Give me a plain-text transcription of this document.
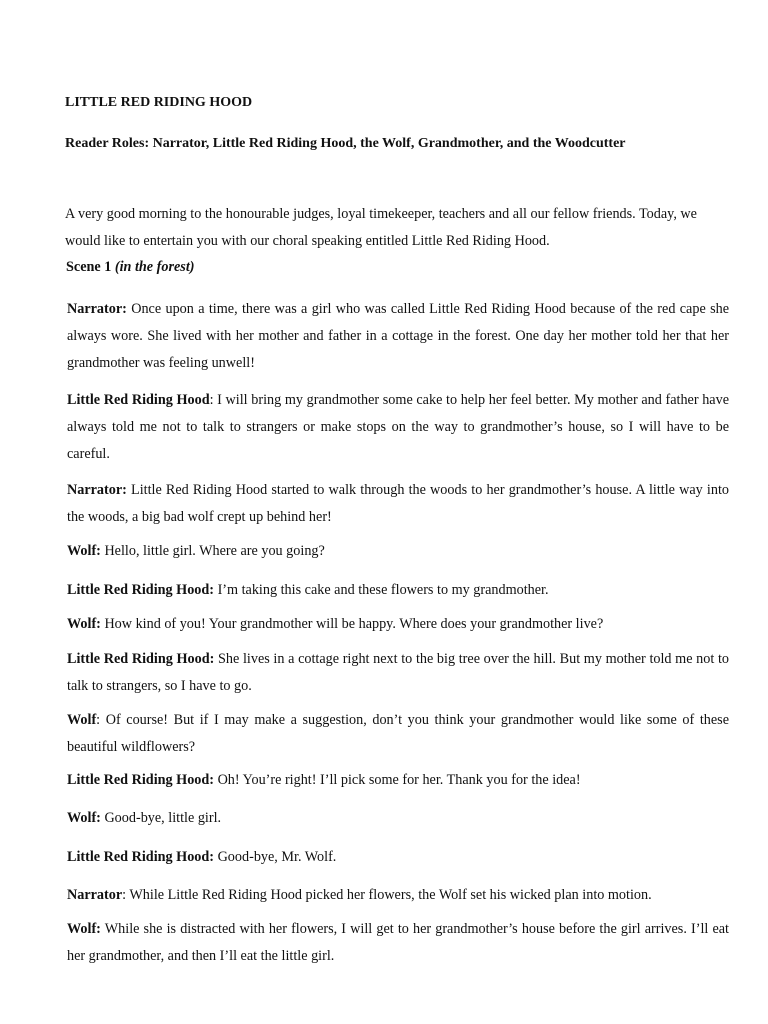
LITTLE RED RIDING HOOD

Reader Roles: Narrator, Little Red Riding Hood, the Wolf, Grandmother, and the Woodcutter

A very good morning to the honourable judges, loyal timekeeper, teachers and all our fellow friends. Today, we would like to entertain you with our choral speaking entitled Little Red Riding Hood.

Scene 1 (in the forest)

Narrator: Once upon a time, there was a girl who was called Little Red Riding Hood because of the red cape she always wore. She lived with her mother and father in a cottage in the forest. One day her mother told her that her grandmother was feeling unwell!

Little Red Riding Hood: I will bring my grandmother some cake to help her feel better. My mother and father have always told me not to talk to strangers or make stops on the way to grandmother’s house, so I will have to be careful.

Narrator: Little Red Riding Hood started to walk through the woods to her grandmother’s house. A little way into the woods, a big bad wolf crept up behind her!

Wolf: Hello, little girl. Where are you going?

Little Red Riding Hood: I’m taking this cake and these flowers to my grandmother.

Wolf: How kind of you! Your grandmother will be happy. Where does your grandmother live?

Little Red Riding Hood: She lives in a cottage right next to the big tree over the hill. But my mother told me not to talk to strangers, so I have to go.

Wolf: Of course! But if I may make a suggestion, don’t you think your grandmother would like some of these beautiful wildflowers?

Little Red Riding Hood: Oh! You’re right! I’ll pick some for her. Thank you for the idea!

Wolf: Good-bye, little girl.

Little Red Riding Hood: Good-bye, Mr. Wolf.

Narrator: While Little Red Riding Hood picked her flowers, the Wolf set his wicked plan into motion.

Wolf: While she is distracted with her flowers, I will get to her grandmother’s house before the girl arrives. I’ll eat her grandmother, and then I’ll eat the little girl.
